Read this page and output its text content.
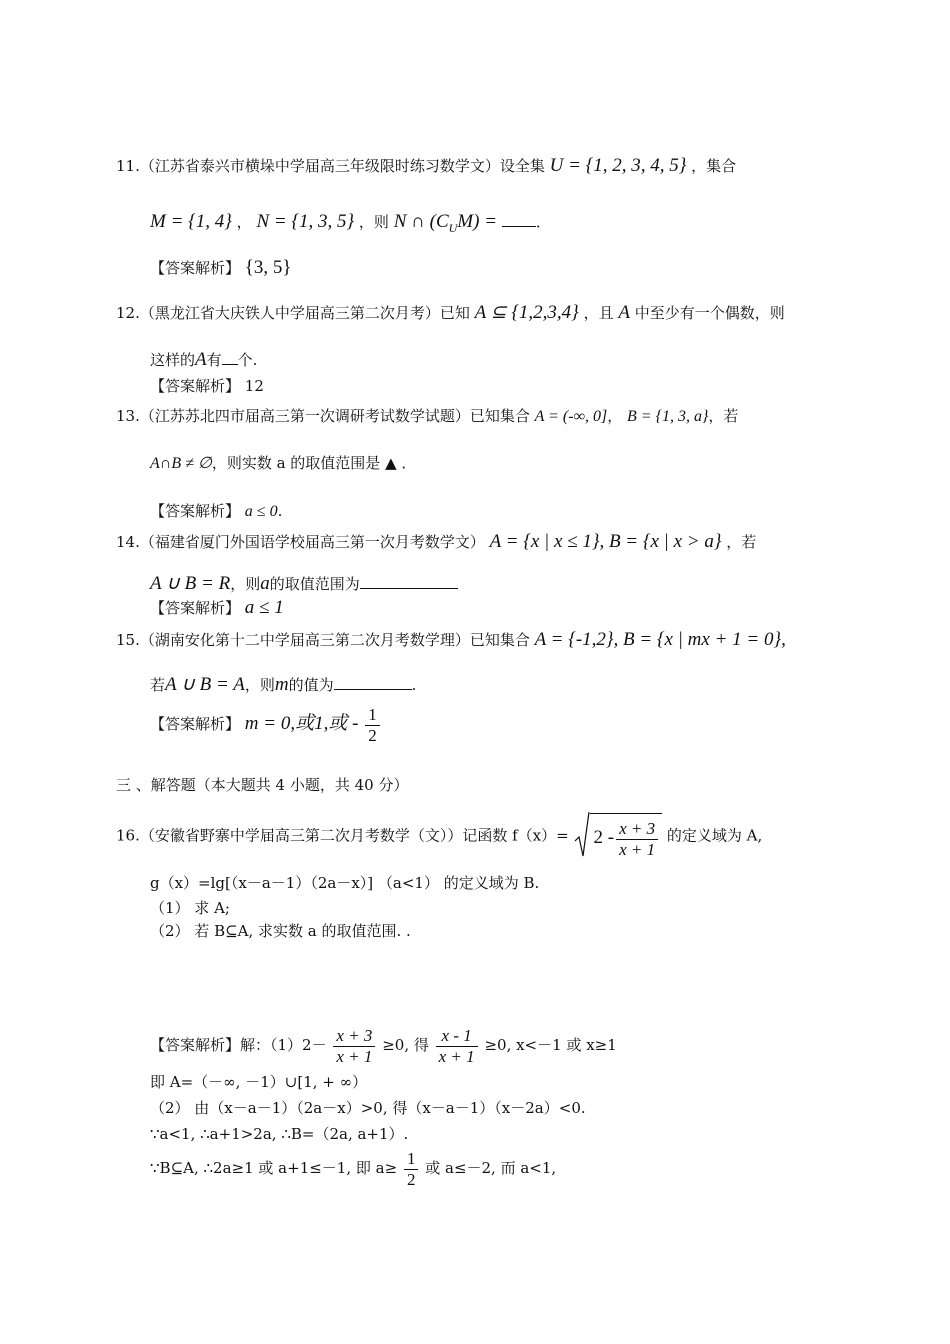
11.（江苏省泰兴市横垛中学届高三年级限时练习数学文）设全集 U = {1, 2, 3, 4, 5} ，集合
M = {1, 4} ， N = {1, 3, 5} ，则 N ∩ $(C_UM)$ =	．
【答案解析】 {3, 5}
12.（黑龙江省大庆铁人中学届高三第二次月考）已知 A ⊆ {1,2,3,4} ，且 A 中至少有一个偶数，则
这样的A有 个.
【答案解析】 12
13.（江苏苏北四市届高三第一次调研考试数学试题）已知集合 A = (-∞, 0]， B = {1, 3, a}，若
A∩B ≠ ∅，则实数 a 的取值范围是 ▲ ．
【答案解析】 a ≤ 0.
14.（福建省厦门外国语学校届高三第一次月考数学文） A = {x | x ≤ 1}, B = {x | x > a} ，若
A ∪ B = R，则a的取值范围为
【答案解析】 a ≤ 1
15.（湖南安化第十二中学届高三第二次月考数学理）已知集合 A = {-1,2}, B = {x | mx + 1 = 0},
若A ∪ B = A，则m的值为	.
【答案解析】 m = 0,或1,或 - $\frac{1}{2}$
三 、解答题（本大题共 4 小题，共 40 分）
16.（安徽省野寨中学届高三第二次月考数学（文））记函数 $f(x)= 2 - \frac{x + 3}{x + 1}$ 的定义域为 A,
g（x）=lg[（x－a－1）（2a－x）] （a<1） 的定义域为 B.
（1） 求 A;
（2） 若 B⊆A, 求实数 a 的取值范围. .
【答案解析】解：$(1)2- \frac{x + 3}{x + 1} \ge 0$, 得 $\frac{x - 1}{x + 1} \ge 0$, x<－1 或 x≥1
即 A=（－∞, －1）∪[1, + ∞）
（2） 由（x－a－1）（2a－x）>0, 得（x－a－1）（x－2a）<0.
∵a<1, ∴a+1>2a, ∴B=（2a, a+1）.
∵B⊆A, ∴2a≥1 或 a+1≤－1, 即 $a\ge \frac{1}{2}$ 或 a≤－2, 而 a<1,
